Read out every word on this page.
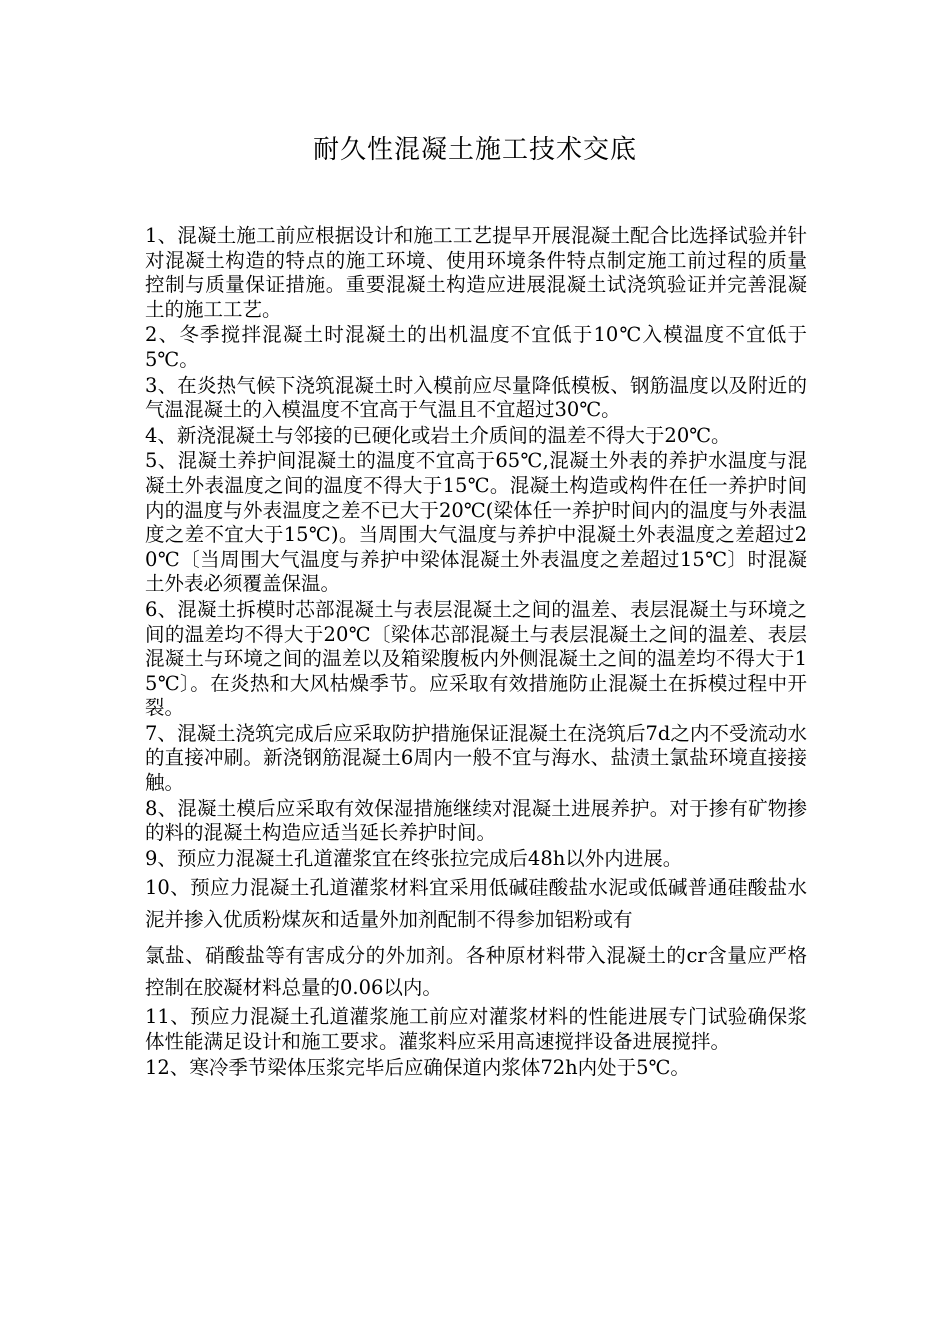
耐久性混凝土施工技术交底

1、混凝土施工前应根据设计和施工工艺提早开展混凝土配合比选择试验并针对混凝土构造的特点的施工环境、使用环境条件特点制定施工前过程的质量控制与质量保证措施。重要混凝土构造应进展混凝土试浇筑验证并完善混凝土的施工工艺。

2、冬季搅拌混凝土时混凝土的出机温度不宜低于10℃入模温度不宜低于5℃。

3、在炎热气候下浇筑混凝土时入模前应尽量降低模板、钢筋温度以及附近的气温混凝土的入模温度不宜高于气温且不宜超过30℃。

4、新浇混凝土与邻接的已硬化或岩土介质间的温差不得大于20℃。

5、混凝土养护间混凝土的温度不宜高于65℃,混凝土外表的养护水温度与混凝土外表温度之间的温度不得大于15℃。混凝土构造或构件在任一养护时间内的温度与外表温度之差不已大于20℃(梁体任一养护时间内的温度与外表温度之差不宜大于15℃)。当周围大气温度与养护中混凝土外表温度之差超过20℃〔当周围大气温度与养护中梁体混凝土外表温度之差超过15℃〕时混凝土外表必须覆盖保温。

6、混凝土拆模时芯部混凝土与表层混凝土之间的温差、表层混凝土与环境之间的温差均不得大于20℃〔梁体芯部混凝土与表层混凝土之间的温差、表层混凝土与环境之间的温差以及箱梁腹板内外侧混凝土之间的温差均不得大于15℃〕。在炎热和大风枯燥季节。应采取有效措施防止混凝土在拆模过程中开裂。

7、混凝土浇筑完成后应采取防护措施保证混凝土在浇筑后7d之内不受流动水的直接冲刷。新浇钢筋混凝土6周内一般不宜与海水、盐渍土氯盐环境直接接触。

8、混凝土模后应采取有效保湿措施继续对混凝土进展养护。对于掺有矿物掺的料的混凝土构造应适当延长养护时间。

9、预应力混凝土孔道灌浆宜在终张拉完成后48h以外内进展。

10、预应力混凝土孔道灌浆材料宜采用低碱硅酸盐水泥或低碱普通硅酸盐水泥并掺入优质粉煤灰和适量外加剂配制不得参加铝粉或有

氯盐、硝酸盐等有害成分的外加剂。各种原材料带入混凝土的cr含量应严格控制在胶凝材料总量的0.06以内。

11、预应力混凝土孔道灌浆施工前应对灌浆材料的性能进展专门试验确保浆体性能满足设计和施工要求。灌浆料应采用高速搅拌设备进展搅拌。

12、寒冷季节梁体压浆完毕后应确保道内浆体72h内处于5℃。
